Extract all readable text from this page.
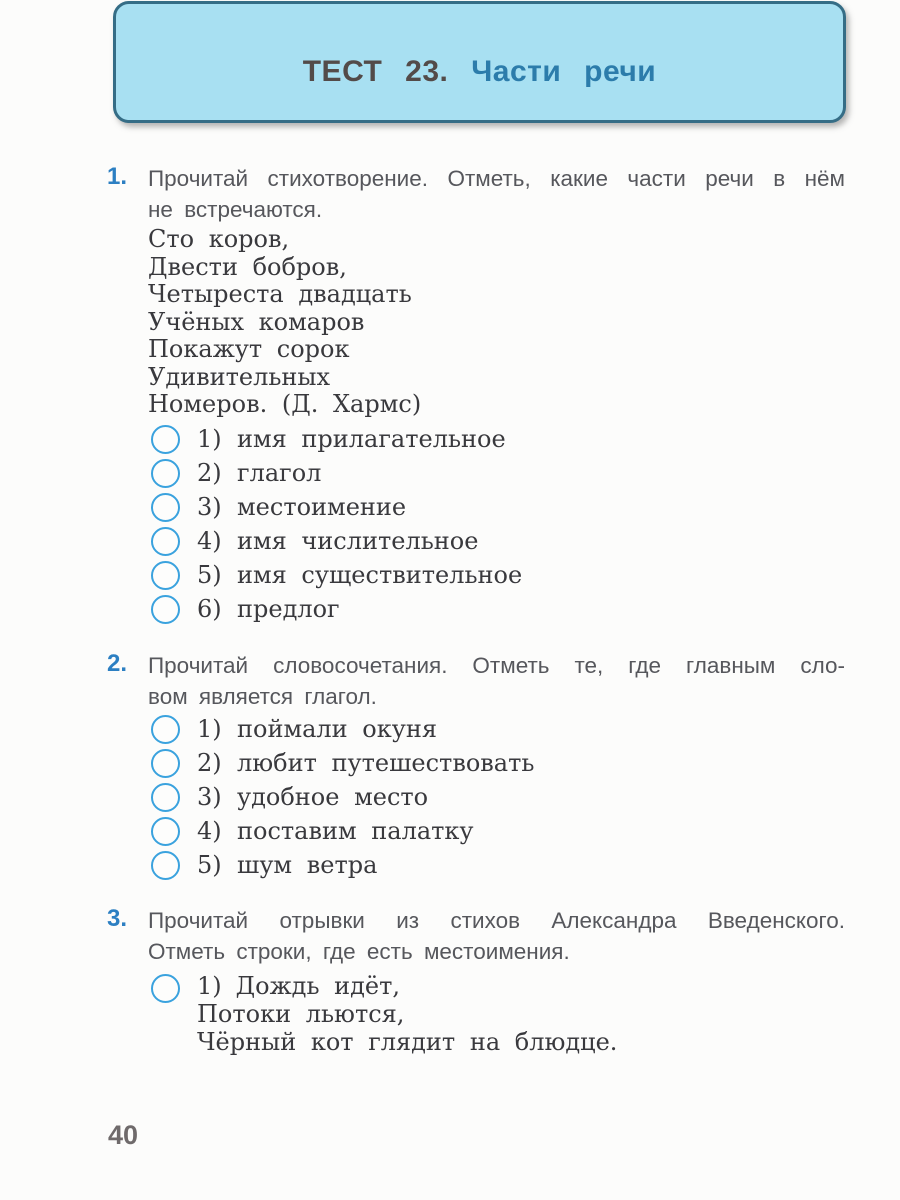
ТЕСТ 23. Части речи
1. Прочитай стихотворение. Отметь, какие части речи в нём
не встречаются.

Сто коров,
Двести бобров,
Четыреста двадцать
Учёных комаров
Покажут сорок
Удивительных
Номеров. (Д. Хармс)
1) имя прилагательное
2) глагол
3) местоимение
4) имя числительное
5) имя существительное
6) предлог
2. Прочитай словосочетания. Отметь те, где главным сло-
вом является глагол.

1) поймали окуня
2) любит путешествовать
3) удобное место
4) поставим палатку
5) шум ветра
3. Прочитай отрывки из стихов Александра Введенского.
Отметь строки, где есть местоимения.

1) Дождь идёт,
Потоки льются,
Чёрный кот глядит на блюдце.
40
